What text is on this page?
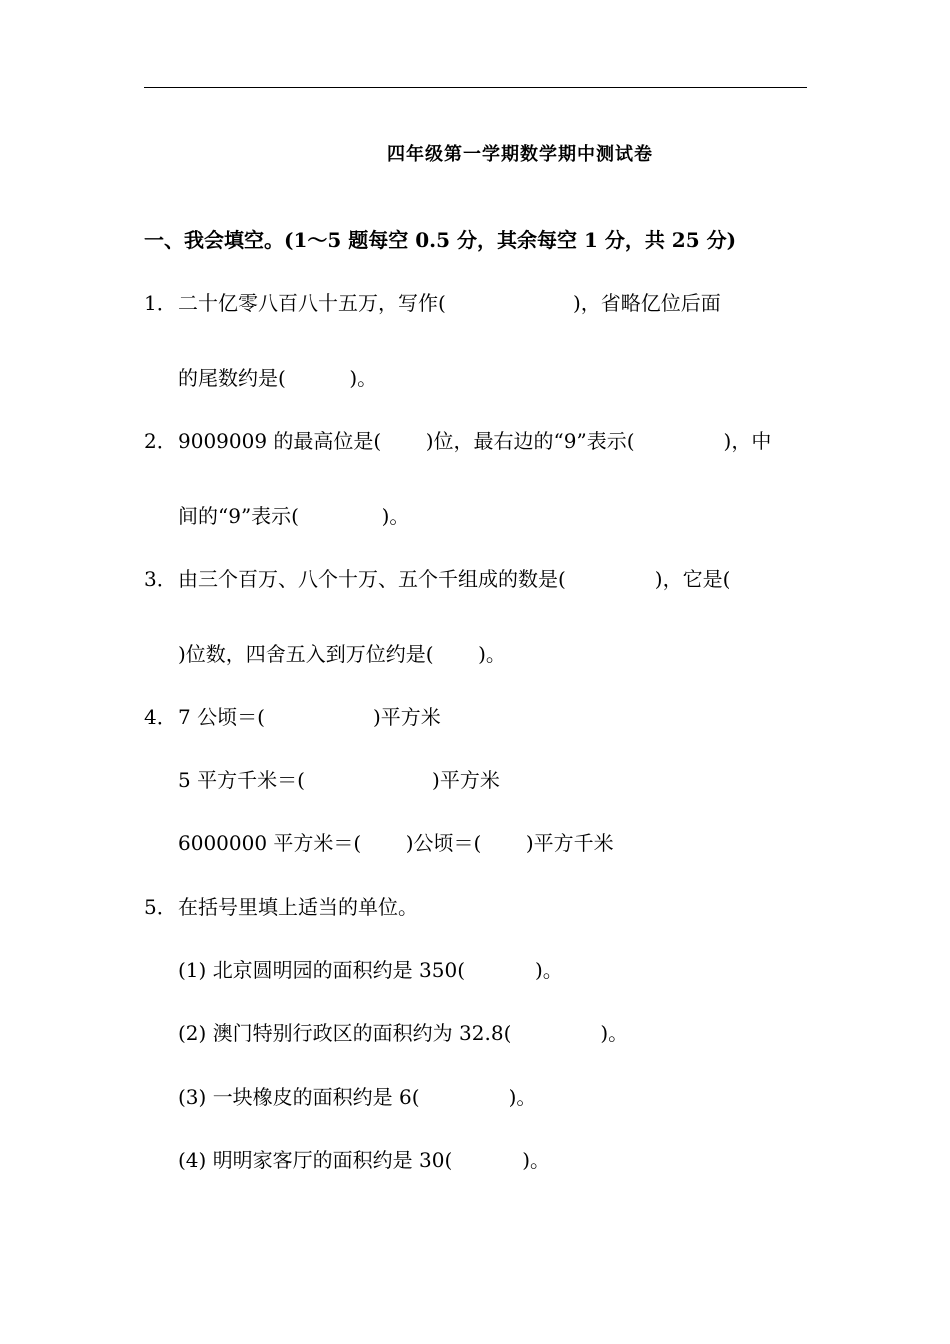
四年级第一学期数学期中测试卷
一、我会填空。(1～5 题每空 0.5 分，其余每空 1 分，共 25 分)
1．二十亿零八百八十五万，写作(                    )，省略亿位后面
的尾数约是(          )。
2．9009009 的最高位是(       )位，最右边的“9”表示(              )，中
间的“9”表示(             )。
3．由三个百万、八个十万、五个千组成的数是(              )，它是(
)位数，四舍五入到万位约是(       )。
4．7 公顷＝(                 )平方米
5 平方千米＝(                    )平方米
6000000 平方米＝(       )公顷＝(       )平方千米
5．在括号里填上适当的单位。
(1) 北京圆明园的面积约是 350(           )。
(2) 澳门特别行政区的面积约为 32.8(              )。
(3) 一块橡皮的面积约是 6(              )。
(4) 明明家客厅的面积约是 30(           )。
